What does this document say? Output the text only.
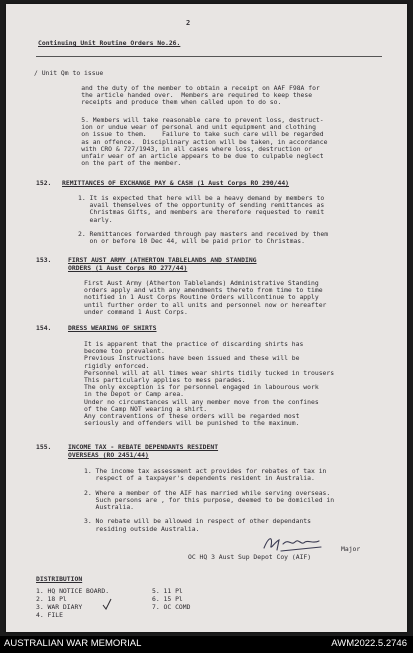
2
Continuing Unit Routine Orders No.26.
/ Unit Qm to issue
and the duty of the member to obtain a receipt on AAF F98A for
the article handed over.  Members are required to keep these
receipts and produce them when called upon to do so.
5. Members will take reasonable care to prevent loss, destruct-
ion or undue wear of personal and unit equipment and clothing
on issue to them.    Failure to take such care will be regarded
as an offence.  Disciplinary action will be taken, in accordance
with CRO & 727/1943, in all cases where loss, destruction or
unfair wear of an article appears to be due to culpable neglect
on the part of the member.
152. REMITTANCES OF EXCHANGE PAY & CASH (1 Aust Corps RO 290/44)
1. It is expected that here will be a heavy demand by members to
avail themselves of the opportunity of sending remittances as
Christmas Gifts, and members are therefore requested to remit
early.

2. Remittances forwarded through pay masters and received by them
on or before 10 Dec 44, will be paid prior to Christmas.
153.	FIRST AUST ARMY (ATHERTON TABLELANDS AND STANDING
ORDERS (1 Aust Corps RO 277/44)
First Aust Army (Atherton Tablelands) Administrative Standing
orders apply and with any amendments thereto from time to time
notified in 1 Aust Corps Routine Orders willcontinue to apply
until further order to all units and personnel now or hereafter
under command 1 Aust Corps.
154.	DRESS WEARING OF SHIRTS
It is apparent that the practice of discarding shirts has
become too prevalent.
Previous Instructions have been issued and these will be
rigidly enforced.
Personnel will at all times wear shirts tidily tucked in trousers
This particularly applies to mess parades.
The only exception is for personnel engaged in labourous work
in the Depot or Camp area.
Under no circumstances will any member move from the confines
of the Camp NOT wearing a shirt.
Any contraventions of these orders will be regarded most
seriously and offenders will be punished to the maximum.
155.	INCOME TAX - REBATE DEPENDANTS RESIDENT
OVERSEAS (RO 2451/44)
1. The income tax assessment act provides for rebates of tax in
respect of a taxpayer's dependents resident in Australia.

2. Where a member of the AIF has married while serving overseas.
Such persons are , for this purpose, deemed to be domiciled in
Australia.

3. No rebate will be allowed in respect of other dependants
residing outside Australia.
Major
OC HQ 3 Aust Sup Depot Coy (AIF)
DISTRIBUTION
1. HQ NOTICE BOARD.
2. 18 Pl
3. WAR DIARY
4. FILE
5. 11 Pl
6. 15 Pl
7. OC COMD
AUSTRALIAN WAR MEMORIAL	AWM2022.5.2746
